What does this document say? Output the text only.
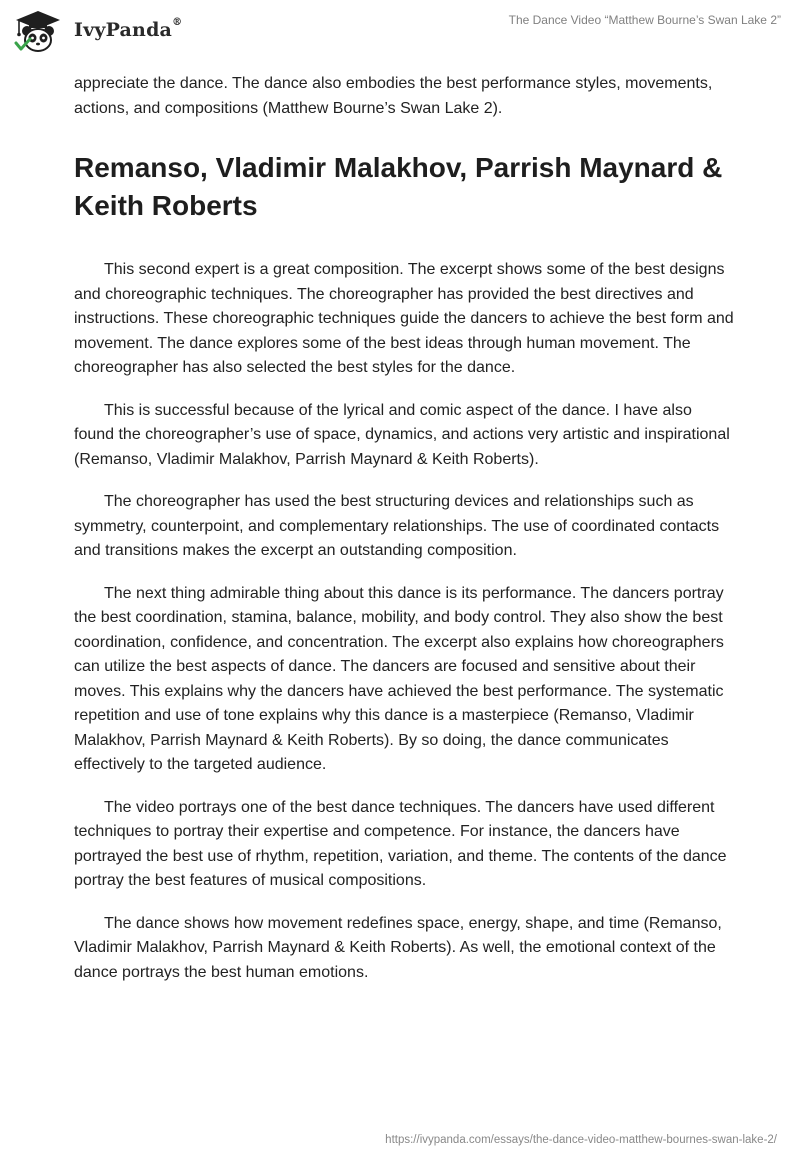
IvyPanda®	The Dance Video “Matthew Bourne’s Swan Lake 2”

appreciate the dance. The dance also embodies the best performance styles, movements, actions, and compositions (Matthew Bourne’s Swan Lake 2).

Remanso, Vladimir Malakhov, Parrish Maynard & Keith Roberts

This second expert is a great composition. The excerpt shows some of the best designs and choreographic techniques. The choreographer has provided the best directives and instructions. These choreographic techniques guide the dancers to achieve the best form and movement. The dance explores some of the best ideas through human movement. The choreographer has also selected the best styles for the dance.

This is successful because of the lyrical and comic aspect of the dance. I have also found the choreographer’s use of space, dynamics, and actions very artistic and inspirational (Remanso, Vladimir Malakhov, Parrish Maynard & Keith Roberts).

The choreographer has used the best structuring devices and relationships such as symmetry, counterpoint, and complementary relationships. The use of coordinated contacts and transitions makes the excerpt an outstanding composition.

The next thing admirable thing about this dance is its performance. The dancers portray the best coordination, stamina, balance, mobility, and body control. They also show the best coordination, confidence, and concentration. The excerpt also explains how choreographers can utilize the best aspects of dance. The dancers are focused and sensitive about their moves. This explains why the dancers have achieved the best performance. The systematic repetition and use of tone explains why this dance is a masterpiece (Remanso, Vladimir Malakhov, Parrish Maynard & Keith Roberts). By so doing, the dance communicates effectively to the targeted audience.

The video portrays one of the best dance techniques. The dancers have used different techniques to portray their expertise and competence. For instance, the dancers have portrayed the best use of rhythm, repetition, variation, and theme. The contents of the dance portray the best features of musical compositions.

The dance shows how movement redefines space, energy, shape, and time (Remanso, Vladimir Malakhov, Parrish Maynard & Keith Roberts). As well, the emotional context of the dance portrays the best human emotions.

https://ivypanda.com/essays/the-dance-video-matthew-bournes-swan-lake-2/
